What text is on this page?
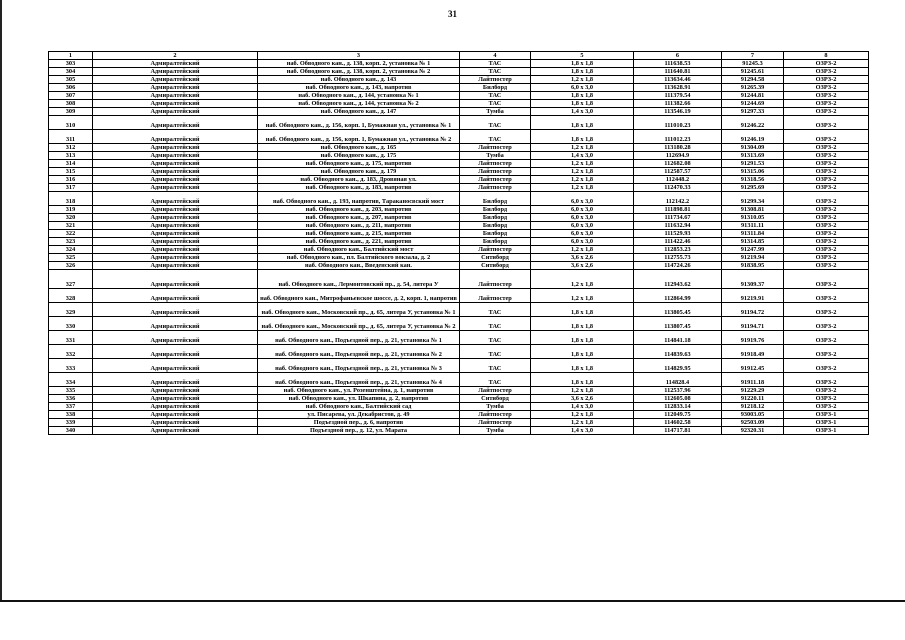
31
1	2	3	4	5	6	7	8
303	Адмиралтейский	наб. Обводного кан., д. 138, корп. 2, установка № 1	ТАС	1,8 x 1,8	111638.53	91245.3	ОЗРЗ-2
304	Адмиралтейский	наб. Обводного кан., д. 138, корп. 2, установка № 2	ТАС	1,8 x 1,8	111640.81	91245.61	ОЗРЗ-2
305	Адмиралтейский	наб. Обводного кан., д. 143	Лайтпостер	1,2 x 1,8	113634.46	91294.58	ОЗРЗ-2
306	Адмиралтейский	наб. Обводного кан., д. 143, напротив	Билборд	6,0 x 3,0	113628.91	91265.39	ОЗРЗ-2
307	Адмиралтейский	наб. Обводного кан., д. 144, установка № 1	ТАС	1,8 x 1,8	111379.54	91244.81	ОЗРЗ-2
308	Адмиралтейский	наб. Обводного кан., д. 144, установка № 2	ТАС	1,8 x 1,8	111382.66	91244.69	ОЗРЗ-2
309	Адмиралтейский	наб. Обводного кан., д. 147	Тумба	1,4 x 3,0	113546.19	91297.33	ОЗРЗ-2
310	Адмиралтейский	наб. Обводного кан., д. 156, корп. 1, Бумажная ул., установка № 1	ТАС	1,8 x 1,8	111010.23	91246.22	ОЗРЗ-2
311	Адмиралтейский	наб. Обводного кан., д. 156, корп. 1, Бумажная ул., установка № 2	ТАС	1,8 x 1,8	111012.23	91246.19	ОЗРЗ-2
312	Адмиралтейский	наб. Обводного кан., д. 165	Лайтпостер	1,2 x 1,8	113180.28	91304.09	ОЗРЗ-2
313	Адмиралтейский	наб. Обводного кан., д. 175	Тумба	1,4 x 3,0	112694.9	91313.69	ОЗРЗ-2
314	Адмиралтейский	наб. Обводного кан., д. 175, напротив	Лайтпостер	1,2 x 1,8	112682.08	91291.53	ОЗРЗ-2
315	Адмиралтейский	наб. Обводного кан., д. 179	Лайтпостер	1,2 x 1,8	112587.57	91315.06	ОЗРЗ-2
316	Адмиралтейский	наб. Обводного кан., д. 183, Дровяная ул.	Лайтпостер	1,2 x 1,8	112448.2	91318.56	ОЗРЗ-2
317	Адмиралтейский	наб. Обводного кан., д. 183, напротив	Лайтпостер	1,2 x 1,8	112470.33	91295.69	ОЗРЗ-2
318	Адмиралтейский	наб. Обводного кан., д. 193, напротив, Тараканосвский мост	Билборд	6,0 x 3,0	112142.2	91299.34	ОЗРЗ-2
319	Адмиралтейский	наб. Обводного кан., д. 203, напротив	Билборд	6,0 x 3,0	111898.81	91308.81	ОЗРЗ-2
320	Адмиралтейский	наб. Обводного кан., д. 207, напротив	Билборд	6,0 x 3,0	111734.67	91310.05	ОЗРЗ-2
321	Адмиралтейский	наб. Обводного кан., д. 211, напротив	Билборд	6,0 x 3,0	111632.94	91311.11	ОЗРЗ-2
322	Адмиралтейский	наб. Обводного кан., д. 215, напротив	Билборд	6,0 x 3,0	111529.93	91311.84	ОЗРЗ-2
323	Адмиралтейский	наб. Обводного кан., д. 221, напротив	Билборд	6,0 x 3,0	111422.46	91314.85	ОЗРЗ-2
324	Адмиралтейский	наб. Обводного кан., Балтийский мост	Лайтпостер	1,2 x 1,8	112853.23	91247.99	ОЗРЗ-2
325	Адмиралтейский	наб. Обводного кан., пл. Балтийского вокзала, д. 2	Ситиборд	3,6 x 2,6	112755.73	91219.94	ОЗРЗ-2
326	Адмиралтейский	наб. Обводного кан., Введенский кан.	Ситиборд	3,6 x 2,6	114724.26	91838.95	ОЗРЗ-2
327	Адмиралтейский	наб. Обводного кан., Лермонтовский пр., д. 54, литера У	Лайтпостер	1,2 x 1,8	112943.62	91309.37	ОЗРЗ-2
328	Адмиралтейский	наб. Обводного кан., Митрофаньевское шоссе, д. 2, корп. 1, напротив	Лайтпостер	1,2 x 1,8	112864.99	91219.91	ОЗРЗ-2
329	Адмиралтейский	наб. Обводного кан., Московский пр., д. 65, литера У, установка № 1	ТАС	1,8 x 1,8	113805.45	91194.72	ОЗРЗ-2
330	Адмиралтейский	наб. Обводного кан., Московский пр., д. 65, литера У, установка № 2	ТАС	1,8 x 1,8	113807.45	91194.71	ОЗРЗ-2
331	Адмиралтейский	наб. Обводного кан., Подъездной пер., д. 21, установка № 1	ТАС	1,8 x 1,8	114841.18	91919.76	ОЗРЗ-2
332	Адмиралтейский	наб. Обводного кан., Подъездной пер., д. 21, установка № 2	ТАС	1,8 x 1,8	114839.63	91918.49	ОЗРЗ-2
333	Адмиралтейский	наб. Обводного кан., Подъездной пер., д. 21, установка № 3	ТАС	1,8 x 1,8	114829.95	91912.45	ОЗРЗ-2
334	Адмиралтейский	наб. Обводного кан., Подъездной пер., д. 21, установка № 4	ТАС	1,8 x 1,8	114828.4	91911.18	ОЗРЗ-2
335	Адмиралтейский	наб. Обводного кан., ул. Розенштейна, д. 1, напротив	Лайтпостер	1,2 x 1,8	112537.96	91229.29	ОЗРЗ-2
336	Адмиралтейский	наб. Обводного кан., ул. Шкапина, д. 2, напротив	Ситиборд	3,6 x 2,6	112605.08	91220.11	ОЗРЗ-2
337	Адмиралтейский	наб. Обводного кан., Балтийский сад	Тумба	1,4 x 3,0	112833.14	91218.12	ОЗРЗ-2
338	Адмиралтейский	ул. Писарева, ул. Декабристов, д. 49	Лайтпостер	1,2 x 1,8	112049.75	93003.05	ОЗРЗ-1
339	Адмиралтейский	Подъездной пер., д. 6, напротив	Лайтпостер	1,2 x 1,8	114602.58	92503.09	ОЗРЗ-1
340	Адмиралтейский	Подъездной пер., д. 12, ул. Марата	Тумба	1,4 x 3,0	114717.81	92320.31	ОЗРЗ-1
